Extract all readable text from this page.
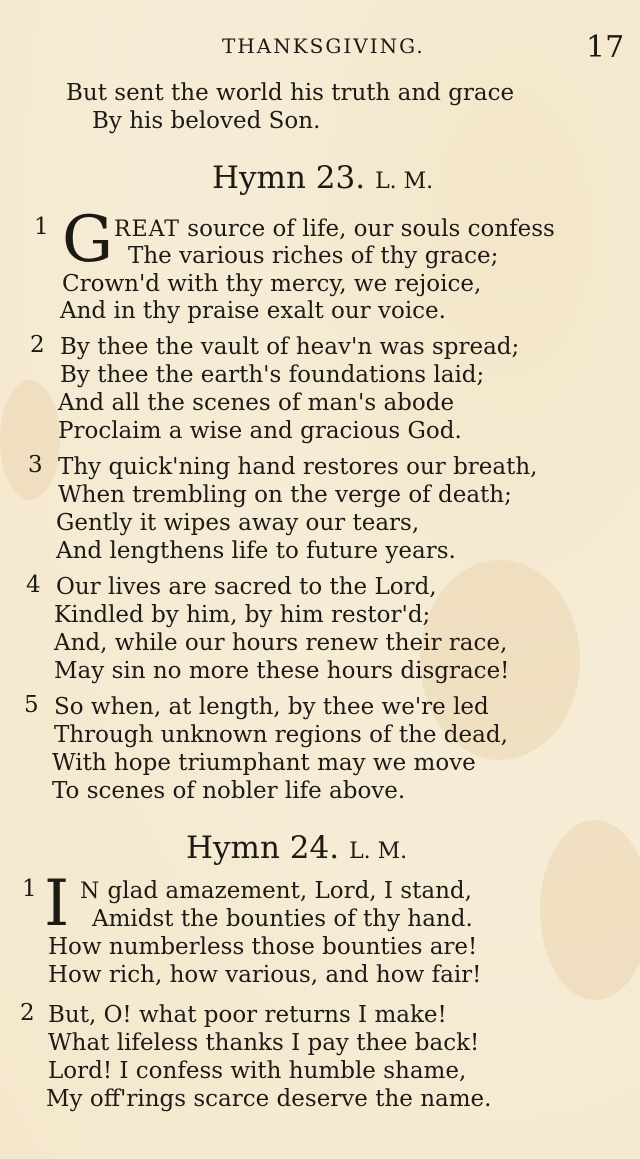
THANKSGIVING.	17
But sent the world his truth and grace
By his beloved Son.
Hymn 23. L. M.
1 G REAT source of life, our souls confess
The various riches of thy grace;
Crown'd with thy mercy, we rejoice,
And in thy praise exalt our voice.
2 By thee the vault of heav'n was spread;
By thee the earth's foundations laid;
And all the scenes of man's abode
Proclaim a wise and gracious God.
3 Thy quick'ning hand restores our breath,
When trembling on the verge of death;
Gently it wipes away our tears,
And lengthens life to future years.
4 Our lives are sacred to the Lord,
Kindled by him, by him restor'd;
And, while our hours renew their race,
May sin no more these hours disgrace!
5 So when, at length, by thee we're led
Through unknown regions of the dead,
With hope triumphant may we move
To scenes of nobler life above.
Hymn 24. L. M.
1 I N glad amazement, Lord, I stand,
Amidst the bounties of thy hand.
How numberless those bounties are!
How rich, how various, and how fair!
2 But, O! what poor returns I make!
What lifeless thanks I pay thee back!
Lord! I confess with humble shame,
My off'rings scarce deserve the name.
